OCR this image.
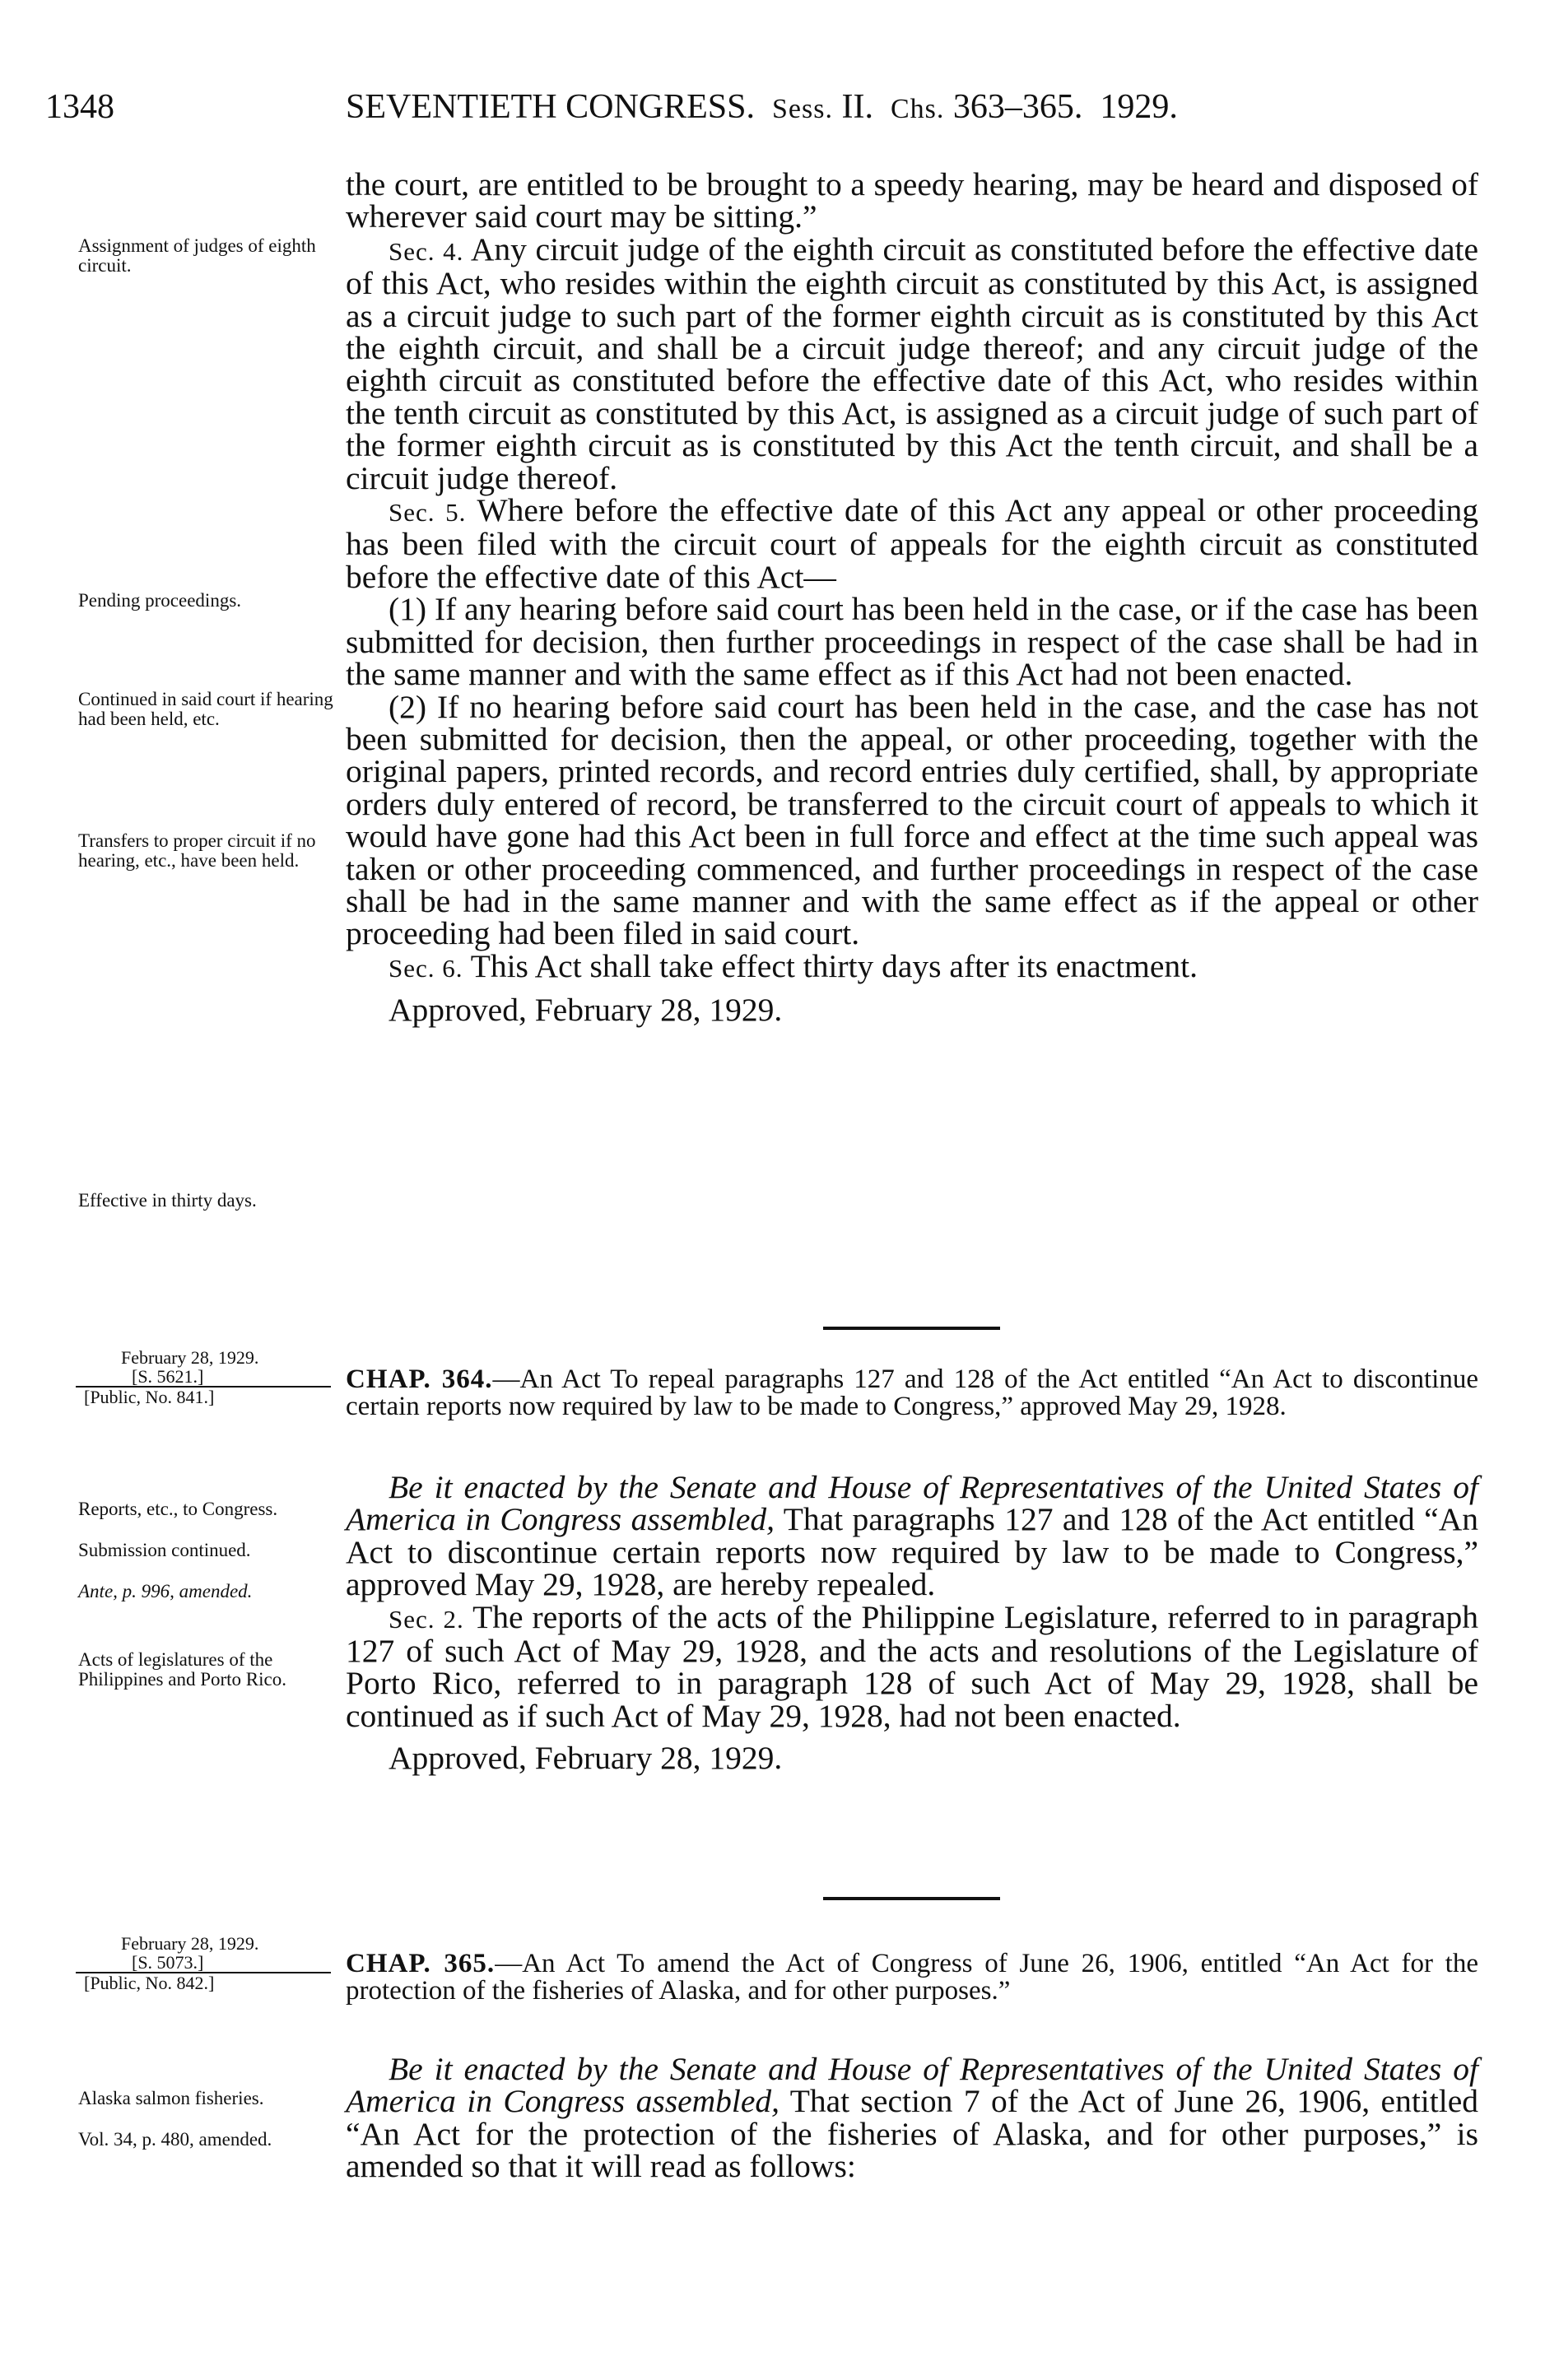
1348	SEVENTIETH CONGRESS. Sess. II. Chs. 363–365. 1929.

the court, are entitled to be brought to a speedy hearing, may be heard and disposed of wherever said court may be sitting.”

Sec. 4. Any circuit judge of the eighth circuit as constituted before the effective date of this Act, who resides within the eighth circuit as constituted by this Act, is assigned as a circuit judge to such part of the former eighth circuit as is constituted by this Act the eighth circuit, and shall be a circuit judge thereof; and any circuit judge of the eighth circuit as constituted before the effective date of this Act, who resides within the tenth circuit as constituted by this Act, is assigned as a circuit judge of such part of the former eighth circuit as is constituted by this Act the tenth circuit, and shall be a circuit judge thereof.

Sec. 5. Where before the effective date of this Act any appeal or other proceeding has been filed with the circuit court of appeals for the eighth circuit as constituted before the effective date of this Act—

(1) If any hearing before said court has been held in the case, or if the case has been submitted for decision, then further proceedings in respect of the case shall be had in the same manner and with the same effect as if this Act had not been enacted.

(2) If no hearing before said court has been held in the case, and the case has not been submitted for decision, then the appeal, or other proceeding, together with the original papers, printed records, and record entries duly certified, shall, by appropriate orders duly entered of record, be transferred to the circuit court of appeals to which it would have gone had this Act been in full force and effect at the time such appeal was taken or other proceeding commenced, and further proceedings in respect of the case shall be had in the same manner and with the same effect as if the appeal or other proceeding had been filed in said court.

Sec. 6. This Act shall take effect thirty days after its enactment.

Approved, February 28, 1929.

Assignment of judges of eighth circuit.
Pending proceedings.
Continued in said court if hearing had been held, etc.
Transfers to proper circuit if no hearing, etc., have been held.
Effective in thirty days.
February 28, 1929.
[S. 5621.]
[Public, No. 841.]
CHAP. 364.—An Act To repeal paragraphs 127 and 128 of the Act entitled “An Act to discontinue certain reports now required by law to be made to Congress,” approved May 29, 1928.

Be it enacted by the Senate and House of Representatives of the United States of America in Congress assembled, That paragraphs 127 and 128 of the Act entitled “An Act to discontinue certain reports now required by law to be made to Congress,” approved May 29, 1928, are hereby repealed.

Sec. 2. The reports of the acts of the Philippine Legislature, referred to in paragraph 127 of such Act of May 29, 1928, and the acts and resolutions of the Legislature of Porto Rico, referred to in paragraph 128 of such Act of May 29, 1928, shall be continued as if such Act of May 29, 1928, had not been enacted.

Approved, February 28, 1929.

Reports, etc., to Congress.
Submission continued.
Ante, p. 996, amended.
Acts of legislatures of the Philippines and Porto Rico.
February 28, 1929.
[S. 5073.]
[Public, No. 842.]
CHAP. 365.—An Act To amend the Act of Congress of June 26, 1906, entitled “An Act for the protection of the fisheries of Alaska, and for other purposes.”

Be it enacted by the Senate and House of Representatives of the United States of America in Congress assembled, That section 7 of the Act of June 26, 1906, entitled “An Act for the protection of the fisheries of Alaska, and for other purposes,” is amended so that it will read as follows:

Alaska salmon fisheries.
Vol. 34, p. 480, amended.
